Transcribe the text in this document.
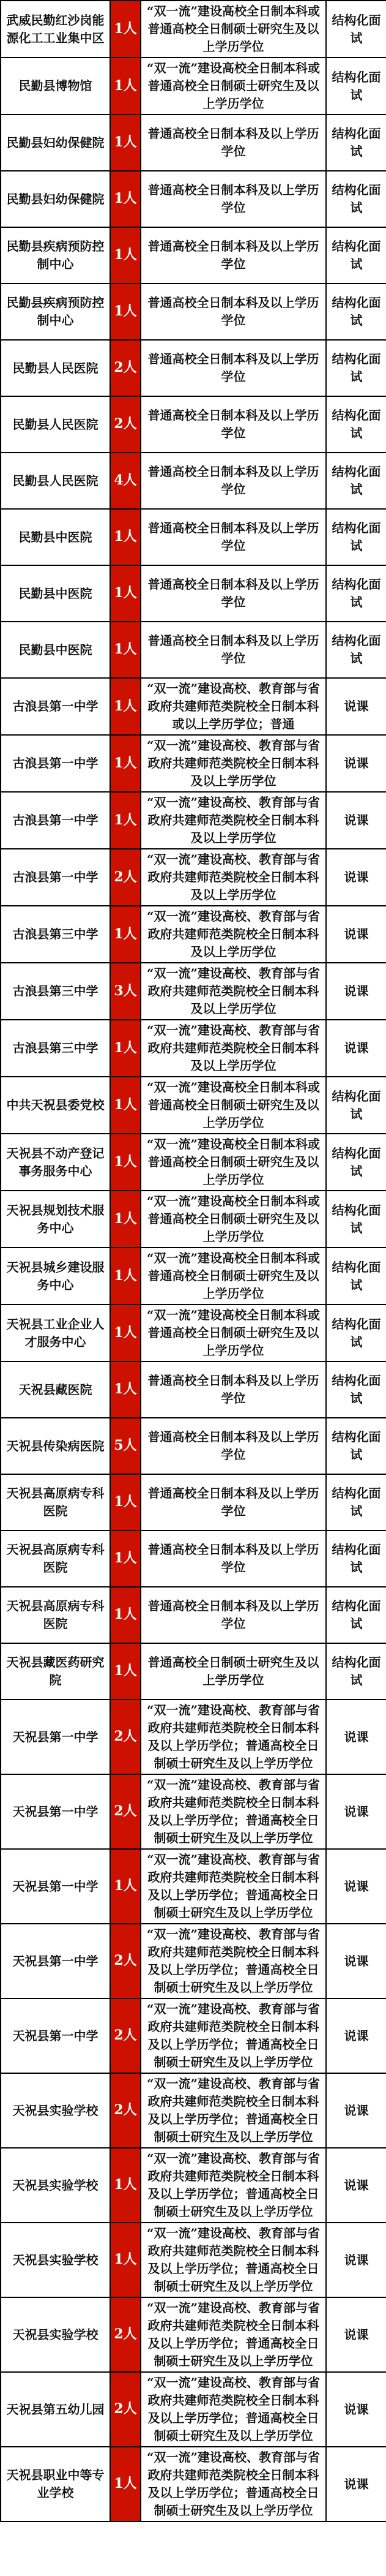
武威民勤红沙岗能源化工工业集中区	1人	“双一流”建设高校全日制本科或普通高校全日制硕士研究生及以上学历学位	结构化面试
民勤县博物馆	1人	“双一流”建设高校全日制本科或普通高校全日制硕士研究生及以上学历学位	结构化面试
民勤县妇幼保健院	1人	普通高校全日制本科及以上学历学位	结构化面试
民勤县妇幼保健院	1人	普通高校全日制本科及以上学历学位	结构化面试
民勤县疾病预防控制中心	1人	普通高校全日制本科及以上学历学位	结构化面试
民勤县疾病预防控制中心	1人	普通高校全日制本科及以上学历学位	结构化面试
民勤县人民医院	2人	普通高校全日制本科及以上学历学位	结构化面试
民勤县人民医院	2人	普通高校全日制本科及以上学历学位	结构化面试
民勤县人民医院	4人	普通高校全日制本科及以上学历学位	结构化面试
民勤县中医院	1人	普通高校全日制本科及以上学历学位	结构化面试
民勤县中医院	1人	普通高校全日制本科及以上学历学位	结构化面试
民勤县中医院	1人	普通高校全日制本科及以上学历学位	结构化面试
古浪县第一中学	1人	“双一流”建设高校、教育部与省政府共建师范类院校全日制本科或以上学历学位；普通	说课
古浪县第一中学	1人	“双一流”建设高校、教育部与省政府共建师范类院校全日制本科及以上学历学位	说课
古浪县第一中学	1人	“双一流”建设高校、教育部与省政府共建师范类院校全日制本科及以上学历学位	说课
古浪县第一中学	2人	“双一流”建设高校、教育部与省政府共建师范类院校全日制本科及以上学历学位	说课
古浪县第三中学	1人	“双一流”建设高校、教育部与省政府共建师范类院校全日制本科及以上学历学位	说课
古浪县第三中学	3人	“双一流”建设高校、教育部与省政府共建师范类院校全日制本科及以上学历学位	说课
古浪县第三中学	1人	“双一流”建设高校、教育部与省政府共建师范类院校全日制本科及以上学历学位	说课
中共天祝县委党校	1人	“双一流”建设高校全日制本科或普通高校全日制硕士研究生及以上学历学位	结构化面试
天祝县不动产登记事务服务中心	1人	“双一流”建设高校全日制本科或普通高校全日制硕士研究生及以上学历学位	结构化面试
天祝县规划技术服务中心	1人	“双一流”建设高校全日制本科或普通高校全日制硕士研究生及以上学历学位	结构化面试
天祝县城乡建设服务中心	1人	“双一流”建设高校全日制本科或普通高校全日制硕士研究生及以上学历学位	结构化面试
天祝县工业企业人才服务中心	1人	“双一流”建设高校全日制本科或普通高校全日制硕士研究生及以上学历学位	结构化面试
天祝县藏医院	1人	普通高校全日制本科及以上学历学位	结构化面试
天祝县传染病医院	5人	普通高校全日制本科及以上学历学位	结构化面试
天祝县高原病专科医院	1人	普通高校全日制本科及以上学历学位	结构化面试
天祝县高原病专科医院	1人	普通高校全日制本科及以上学历学位	结构化面试
天祝县高原病专科医院	1人	普通高校全日制本科及以上学历学位	结构化面试
天祝县藏医药研究院	1人	普通高校全日制硕士研究生及以上学历学位	结构化面试
天祝县第一中学	2人	“双一流”建设高校、教育部与省政府共建师范类院校全日制本科及以上学历学位；普通高校全日制硕士研究生及以上学历学位	说课
天祝县第一中学	2人	“双一流”建设高校、教育部与省政府共建师范类院校全日制本科及以上学历学位；普通高校全日制硕士研究生及以上学历学位	说课
天祝县第一中学	1人	“双一流”建设高校、教育部与省政府共建师范类院校全日制本科及以上学历学位；普通高校全日制硕士研究生及以上学历学位	说课
天祝县第一中学	2人	“双一流”建设高校、教育部与省政府共建师范类院校全日制本科及以上学历学位；普通高校全日制硕士研究生及以上学历学位	说课
天祝县第一中学	2人	“双一流”建设高校、教育部与省政府共建师范类院校全日制本科及以上学历学位；普通高校全日制硕士研究生及以上学历学位	说课
天祝县实验学校	2人	“双一流”建设高校、教育部与省政府共建师范类院校全日制本科及以上学历学位；普通高校全日制硕士研究生及以上学历学位	说课
天祝县实验学校	1人	“双一流”建设高校、教育部与省政府共建师范类院校全日制本科及以上学历学位；普通高校全日制硕士研究生及以上学历学位	说课
天祝县实验学校	1人	“双一流”建设高校、教育部与省政府共建师范类院校全日制本科及以上学历学位；普通高校全日制硕士研究生及以上学历学位	说课
天祝县实验学校	2人	“双一流”建设高校、教育部与省政府共建师范类院校全日制本科及以上学历学位；普通高校全日制硕士研究生及以上学历学位	说课
天祝县第五幼儿园	2人	“双一流”建设高校、教育部与省政府共建师范类院校全日制本科及以上学历学位；普通高校全日制硕士研究生及以上学历学位	说课
天祝县职业中等专业学校	1人	“双一流”建设高校、教育部与省政府共建师范类院校全日制本科及以上学历学位；普通高校全日制硕士研究生及以上学历学位	说课
